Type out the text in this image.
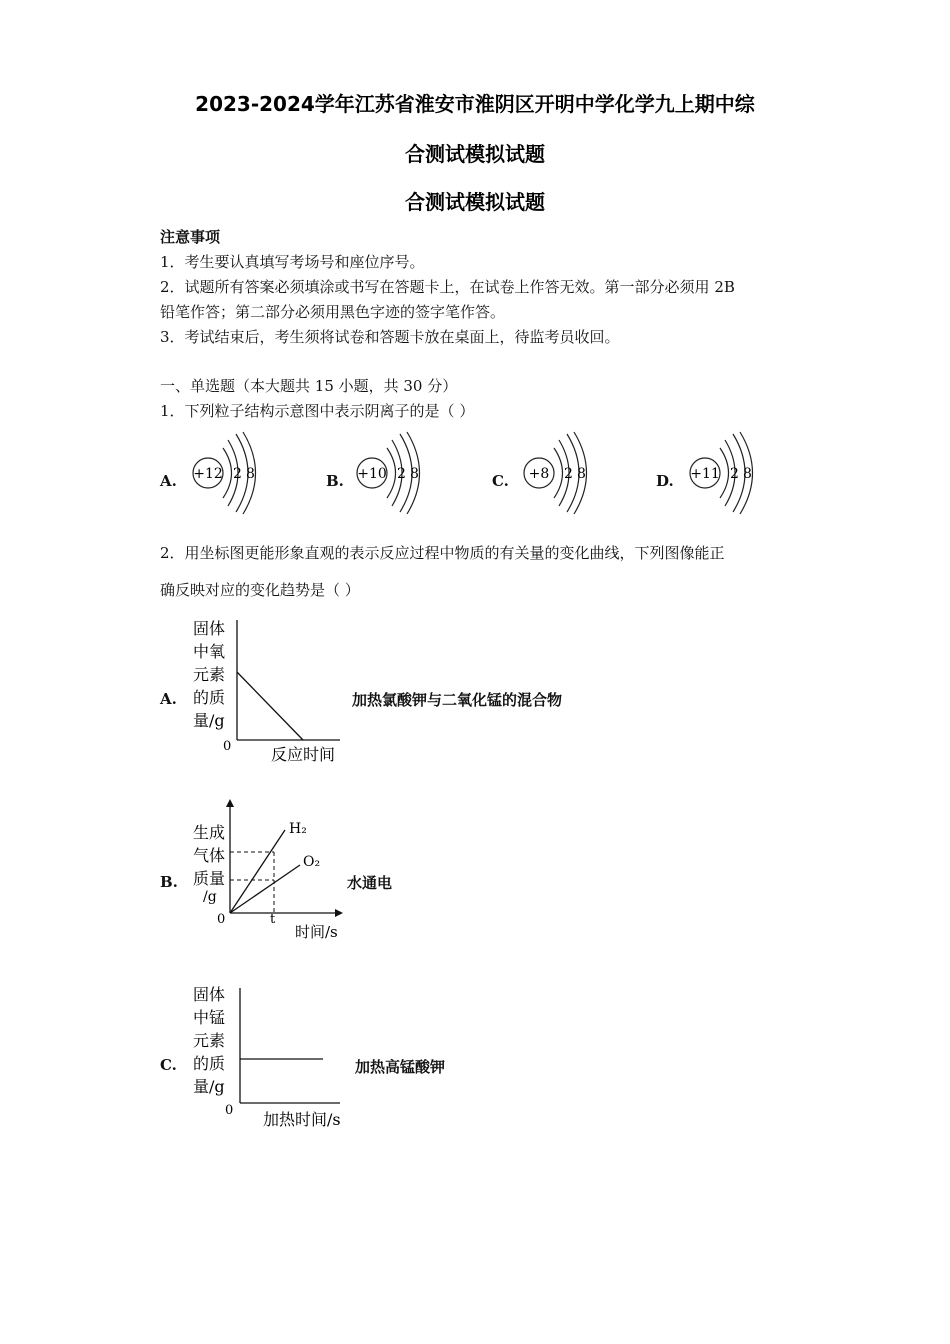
2023-2024学年江苏省淮安市淮阴区开明中学化学九上期中综
合测试模拟试题
合测试模拟试题
注意事项
1．考生要认真填写考场号和座位序号。
2．试题所有答案必须填涂或书写在答题卡上，在试卷上作答无效。第一部分必须用 2B
铅笔作答；第二部分必须用黑色字迹的签字笔作答。
3．考试结束后，考生须将试卷和答题卡放在桌面上，待监考员收回。
一、单选题（本大题共 15 小题，共 30 分）
1．下列粒子结构示意图中表示阴离子的是（ ）
A. +12 2 8	B. +10 2 8	C. +8 2 8	D. +11 2 8
2．用坐标图更能形象直观的表示反应过程中物质的有关量的变化曲线，下列图像能正
确反映对应的变化趋势是（ ）
A.
固体
中氧
元素
的质
量/g
0 反应时间
加热氯酸钾与二氧化锰的混合物
B.
H₂
O₂
生成
气体
质量
/g
0	t
时间/s
水通电
C.
固体
中锰
元素
的质
量/g
0 加热时间/s
加热高锰酸钾
